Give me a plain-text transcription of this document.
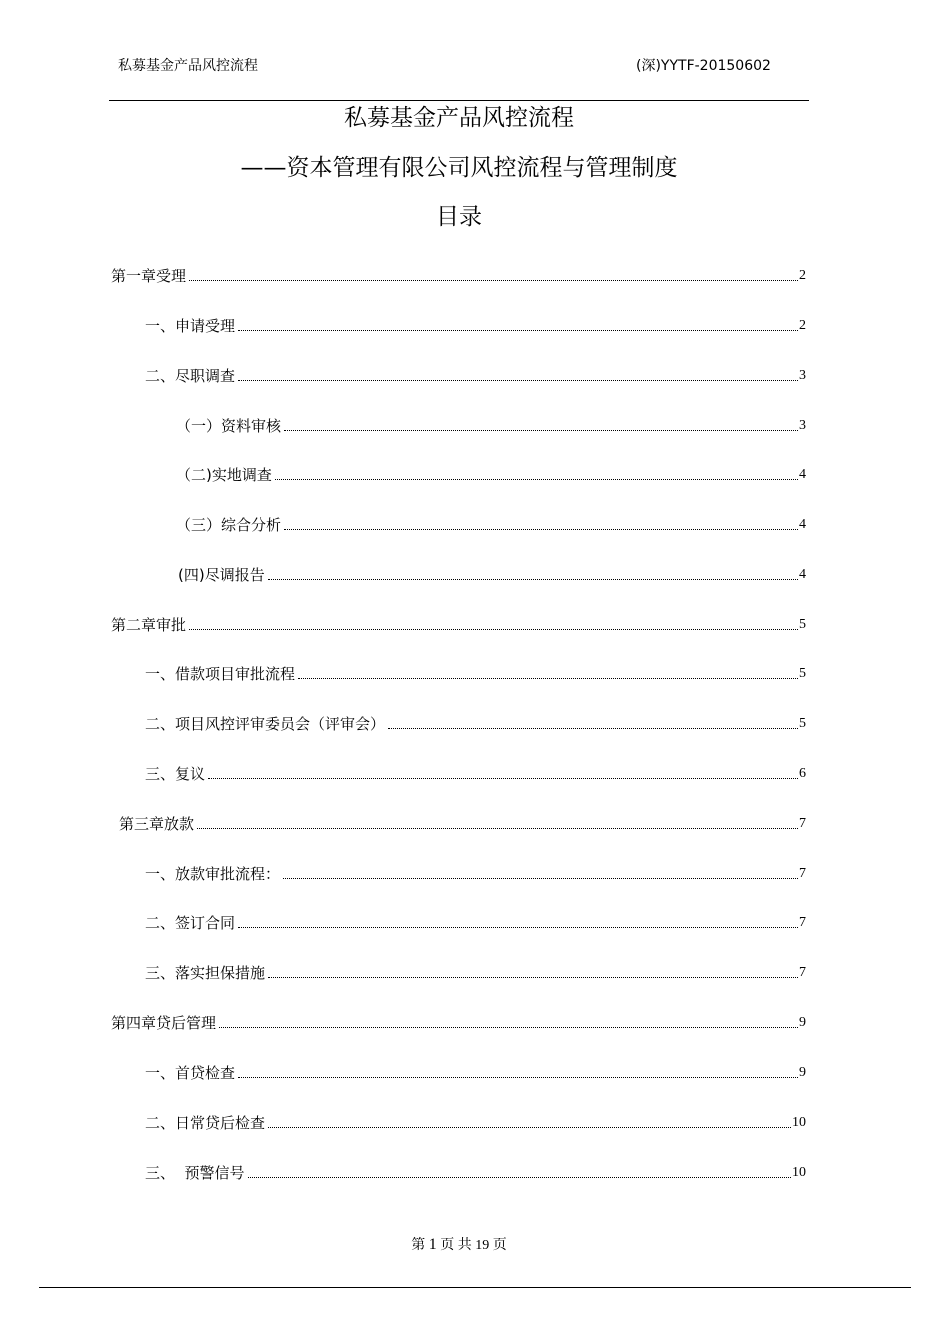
私募基金产品风控流程	(深)YYTF-20150602
私募基金产品风控流程
——资本管理有限公司风控流程与管理制度
目录
第一章受理	2
一、申请受理	2
二、尽职调查	3
（一）资料审核	3
（二)实地调查	4
（三）综合分析	4
(四)尽调报告	4
第二章审批	5
一、借款项目审批流程	5
二、项目风控评审委员会（评审会）	5
三、复议	6
第三章放款	7
一、放款审批流程：	7
二、签订合同	7
三、落实担保措施	7
第四章贷后管理	9
一、首贷检查	9
二、日常贷后检查	10
三、  预警信号	10
第 1 页 共 19 页
